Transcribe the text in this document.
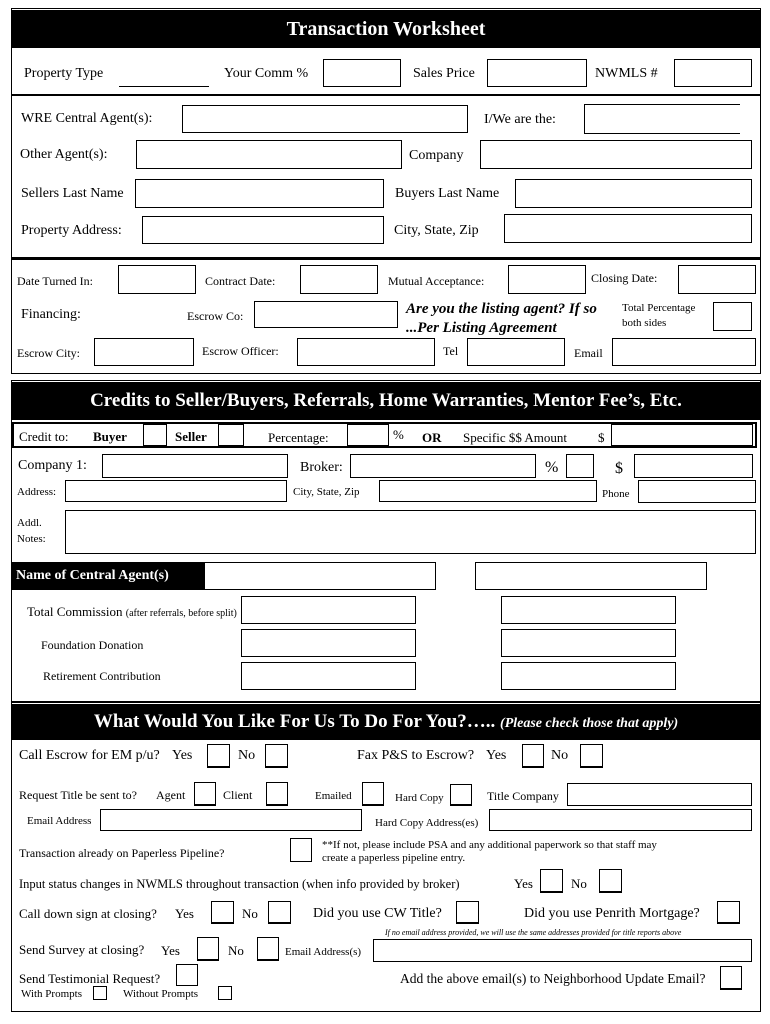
Transaction Worksheet
Property Type	Your Comm %	Sales Price	NWMLS #
WRE Central Agent(s):	I/We are the:
Other Agent(s):	Company
Sellers Last Name	Buyers Last Name
Property Address:	City, State, Zip
Date Turned In:	Contract Date:	Mutual Acceptance:	Closing Date:
Financing:	Escrow Co:	Are you the listing agent? If so
...Per Listing Agreement
Total Percentage
both sides
Escrow City:	Escrow Officer:	Tel	Email
Credits to Seller/Buyers, Referrals, Home Warranties, Mentor Fee’s, Etc.
Credit to: Buyer	Seller	Percentage:	% OR Specific $$ Amount $
Company 1:	Broker:	%	$
Address:	City, State, Zip	Phone
Addl.
Notes:
Name of Central Agent(s)
Total Commission (after referrals, before split)
Foundation Donation
Retirement Contribution
What Would You Like For Us To Do For You?….. (Please check those that apply)
Call Escrow for EM p/u? Yes	No	Fax P&S to Escrow? Yes	No
Request Title be sent to? Agent	Client	Emailed	Hard Copy	Title Company
Email Address	Hard Copy Address(es)
Transaction already on Paperless Pipeline?
**If not, please include PSA and any additional paperwork so that staff may
create a paperless pipeline entry.
Input status changes in NWMLS throughout transaction (when info provided by broker)	Yes	No
Call down sign at closing? Yes	No	Did you use CW Title?	Did you use Penrith Mortgage?
If no email address provided, we will use the same addresses provided for title reports above
Send Survey at closing? Yes	No	Email Address(s)
Send Testimonial Request?
With Prompts	Without Prompts
Add the above email(s) to Neighborhood Update Email?
